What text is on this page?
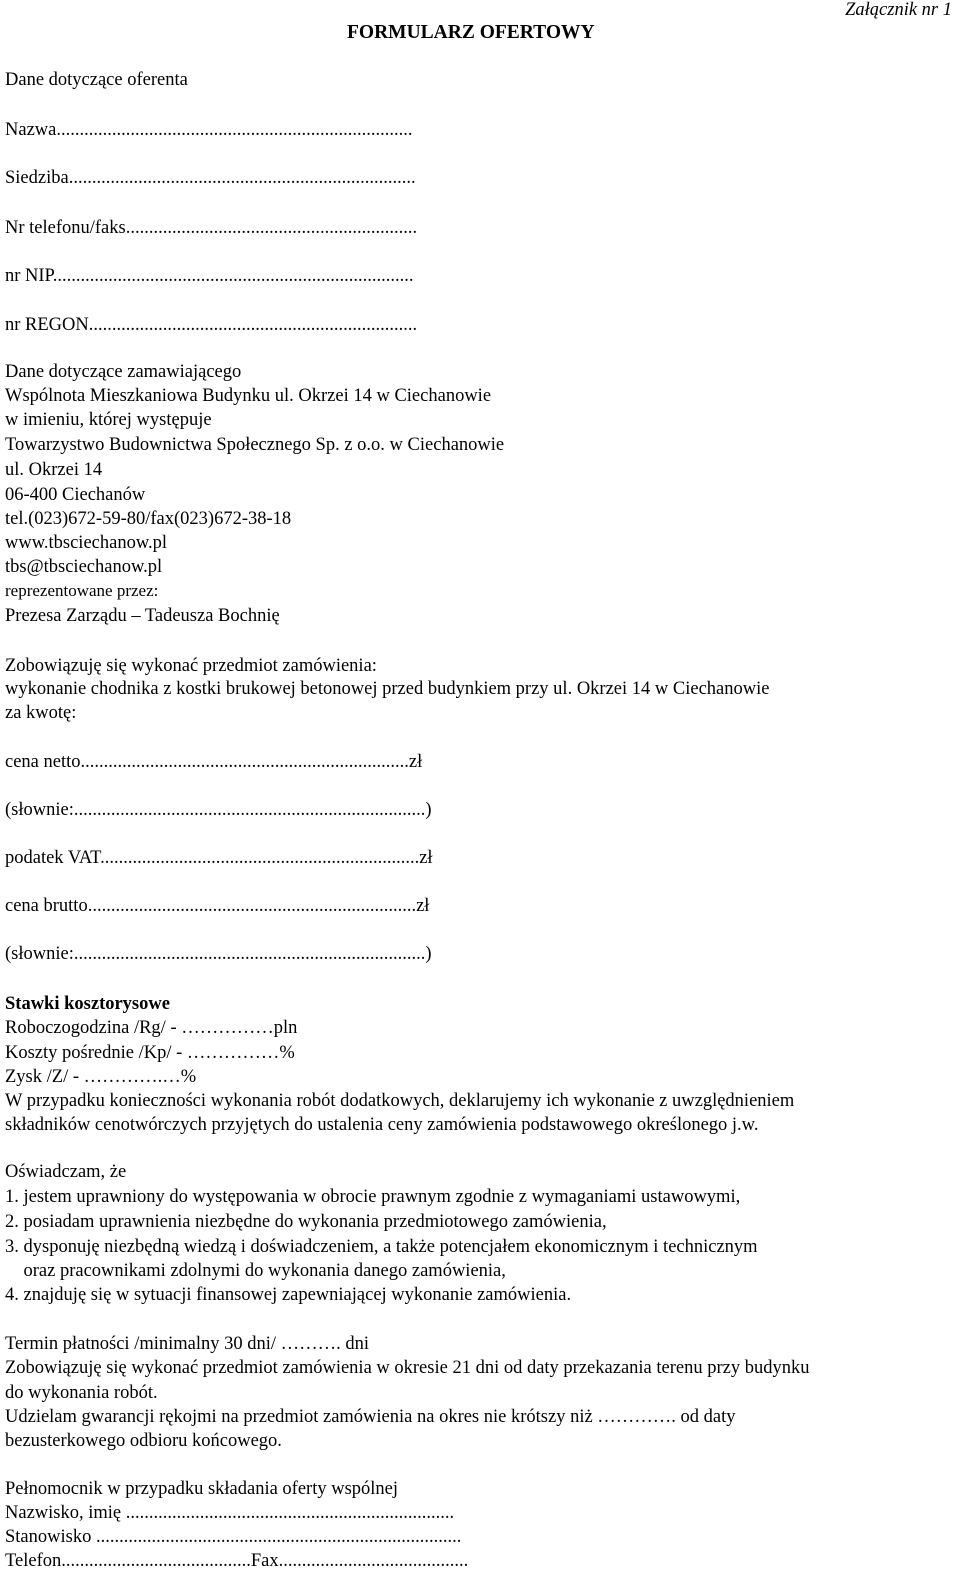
Załącznik nr 1
FORMULARZ OFERTOWY
Dane dotyczące oferenta
Nazwa.............................................................................
Siedziba...........................................................................
Nr telefonu/faks...............................................................
nr NIP..............................................................................
nr REGON.......................................................................
Dane dotyczące zamawiającego
Wspólnota Mieszkaniowa Budynku ul. Okrzei 14 w Ciechanowie
w imieniu, której występuje
Towarzystwo Budownictwa Społecznego Sp. z o.o. w Ciechanowie
ul. Okrzei 14
06-400 Ciechanów
tel.(023)672-59-80/fax(023)672-38-18
www.tbsciechanow.pl
tbs@tbsciechanow.pl
reprezentowane przez:
Prezesa Zarządu – Tadeusza Bochnię
Zobowiązuję się wykonać przedmiot zamówienia:
wykonanie chodnika z kostki brukowej betonowej przed budynkiem przy ul. Okrzei 14 w Ciechanowie
za kwotę:
cena netto.......................................................................zł
(słownie:............................................................................)
podatek VAT.....................................................................zł
cena brutto.......................................................................zł
(słownie:............................................................................)
Stawki kosztorysowe
Roboczogodzina /Rg/ - ……………pln
Koszty pośrednie /Kp/ - ……………%
Zysk /Z/ - ………….…%
W przypadku konieczności wykonania robót dodatkowych, deklarujemy ich wykonanie z uwzględnieniem
składników cenotwórczych przyjętych do ustalenia ceny zamówienia podstawowego określonego j.w.
Oświadczam, że
1. jestem uprawniony do występowania w obrocie prawnym zgodnie z wymaganiami ustawowymi,
2. posiadam uprawnienia niezbędne do wykonania przedmiotowego zamówienia,
3. dysponuję niezbędną wiedzą i doświadczeniem, a także potencjałem ekonomicznym i technicznym
oraz pracownikami zdolnymi do wykonania danego zamówienia,
4. znajduję się w sytuacji finansowej zapewniającej wykonanie zamówienia.
Termin płatności /minimalny 30 dni/ ………. dni
Zobowiązuję się wykonać przedmiot zamówienia w okresie 21 dni od daty przekazania terenu przy budynku
do wykonania robót.
Udzielam gwarancji rękojmi na przedmiot zamówienia na okres nie krótszy niż …………. od daty
bezusterkowego odbioru końcowego.
Pełnomocnik w przypadku składania oferty wspólnej
Nazwisko, imię .......................................................................
Stanowisko ...............................................................................
Telefon.........................................Fax.........................................
